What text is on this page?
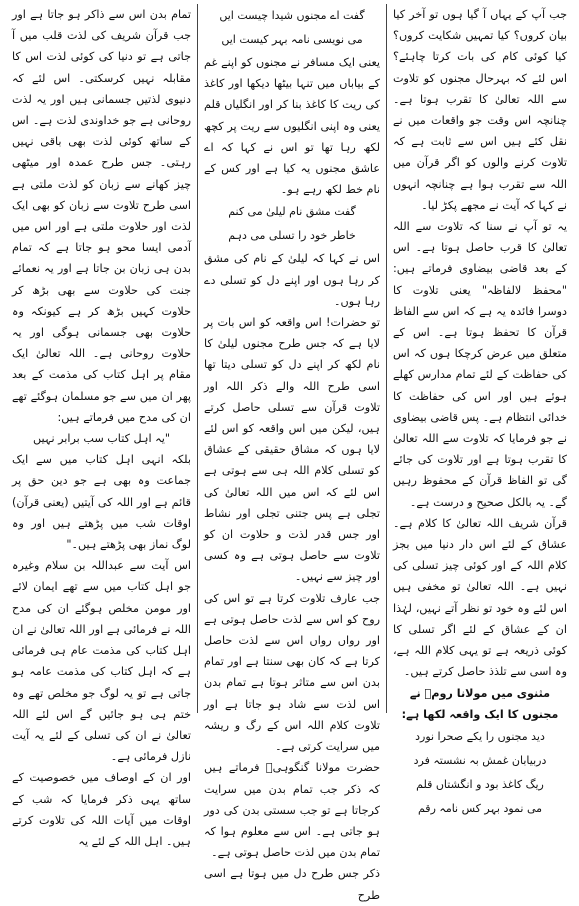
جب آپ کے یہاں آ گیا ہوں تو آخر کیا بیان کروں؟ کیا تمہیں شکایت کروں؟ کیا کوئی کام کی بات کرتا چاہئے؟ اس لئے کہ بہرحال مجنوں کو تلاوت سے اللہ تعالیٰ کا تقرب ہوتا ہے۔ چنانچہ اس وقت جو واقعات میں نے نقل کئے ہیں اس سے ثابت ہے کہ تلاوت کرنے والوں کو اگر قرآن میں اللہ سے تقرب ہوا ہے چنانچہ انہوں نے کہا کہ آیت نے مجھے پکڑ لیا۔

یہ تو آپ نے سنا کہ تلاوت سے اللہ تعالیٰ کا قرب حاصل ہوتا ہے۔ اس کے بعد قاضی بیضاوی فرماتے ہیں: "محفظ لالفاظہ" یعنی تلاوت کا دوسرا فائدہ یہ ہے کہ اس سے الفاظ قرآن کا تحفظ ہوتا ہے۔ اس کے متعلق میں عرض کرچکا ہوں کہ اس کی حفاظت کے لئے تمام مدارس کھلے ہوئے ہیں اور اس کی حفاظت کا خدائی انتظام ہے۔ پس قاضی بیضاوی نے جو فرمایا کہ تلاوت سے اللہ تعالیٰ کا تقرب ہوتا ہے اور تلاوت کی جائے گی تو الفاظ قرآن کے محفوظ رہیں گے۔ یہ بالکل صحیح و درست ہے۔

قرآن شریف اللہ تعالیٰ کا کلام ہے۔ عشاق کے لئے اس دار دنیا میں بجز کلام اللہ کے اور کوئی چیز تسلی کی نہیں ہے۔ اللہ تعالیٰ تو مخفی ہیں اس لئے وہ خود تو نظر آتے نہیں، لہٰذا ان کے عشاق کے لئے اگر تسلی کا کوئی ذریعہ ہے تو یہی کلام اللہ ہے، وہ اسی سے تلذذ حاصل کرتے ہیں۔

مثنوی میں مولانا رومؒ نے مجنوں کا ایک واقعہ لکھا ہے:

دید مجنوں را یکے صحرا نورد

دربیابان غمش بہ نشستہ فرد

ریگ کاغذ بود و انگشتاں قلم

می نمود بہر کس نامہ رقم

گفت اے مجنوں شیدا چیست ایں

می نویسی نامہ بہر کیست ایں

یعنی ایک مسافر نے مجنوں کو اپنے غم کے بیاباں میں تنہا بیٹھا دیکھا اور کاغذ کی ریت کا کاغذ بنا کر اور انگلیاں قلم یعنی وہ اپنی انگلیوں سے ریت پر کچھ لکھ رہا تھا تو اس نے کہا کہ اے عاشق مجنوں یہ کیا ہے اور کس کے نام خط لکھ رہے ہو۔

گفت مشق نام لیلیٰ می کنم

خاطر خود را تسلی می دہم

اس نے کہا کہ لیلیٰ کے نام کی مشق کر رہا ہوں اور اپنے دل کو تسلی دے رہا ہوں۔

تو حضرات! اس واقعہ کو اس بات پر لایا ہے کہ جس طرح مجنوں لیلیٰ کا نام لکھ کر اپنے دل کو تسلی دیتا تھا اسی طرح اللہ والے ذکر اللہ اور تلاوت قرآن سے تسلی حاصل کرتے ہیں، لیکن میں اس واقعہ کو اس لئے لایا ہوں کہ مشاق حقیقی کے عشاق کو تسلی کلام اللہ ہی سے ہوتی ہے اس لئے کہ اس میں اللہ تعالیٰ کی تجلی ہے پس جتنی تجلی اور نشاط اور جس قدر لذت و حلاوت ان کو تلاوت سے حاصل ہوتی ہے وہ کسی اور چیز سے نہیں۔

جب عارف تلاوت کرتا ہے تو اس کی روح کو اس سے لذت حاصل ہوتی ہے اور رواں رواں اس سے لذت حاصل کرتا ہے کہ کان بھی سنتا ہے اور تمام بدن اس سے متاثر ہوتا ہے تمام بدن اس لذت سے شاد ہو جاتا ہے اور تلاوت کلام اللہ اس کے رگ و ریشہ میں سرایت کرتی ہے۔

حضرت مولانا گنگوہیؒ فرماتے ہیں کہ ذکر جب تمام بدن میں سرایت کرجاتا ہے تو جب سستی بدن کی دور ہو جاتی ہے۔ اس سے معلوم ہوا کہ تمام بدن میں لذت حاصل ہوتی ہے۔

ذکر جس طرح دل میں ہوتا ہے اسی طرح

تمام بدن اس سے ذاکر ہو جاتا ہے اور جب قرآن شریف کی لذت قلب میں آ جاتی ہے تو دنیا کی کوئی لذت اس کا مقابلہ نہیں کرسکتی۔ اس لئے کہ دنیوی لذتیں جسمانی ہیں اور یہ لذت روحانی ہے جو خداوندی لذت ہے۔ اس کے ساتھ کوئی لذت بھی باقی نہیں رہتی۔ جس طرح عمدہ اور میٹھی چیز کھانے سے زبان کو لذت ملتی ہے اسی طرح تلاوت سے زبان کو بھی ایک لذت اور حلاوت ملتی ہے اور اس میں آدمی ایسا محو ہو جاتا ہے کہ تمام بدن ہی زبان بن جاتا ہے اور یہ نعمائے جنت کی حلاوت سے بھی بڑھ کر حلاوت کہیں بڑھ کر ہے کیونکہ وہ حلاوت بھی جسمانی ہوگی اور یہ حلاوت روحانی ہے۔ اللہ تعالیٰ ایک مقام پر اہل کتاب کی مذمت کے بعد پھر ان میں سے جو مسلمان ہوگئے تھے ان کی مدح میں فرماتے ہیں:

"یہ اہل کتاب سب برابر نہیں

بلکہ انہی اہل کتاب میں سے ایک جماعت وہ بھی ہے جو دین حق پر قائم ہے اور اللہ کی آیتیں (یعنی قرآن) اوقات شب میں پڑھتے ہیں اور وہ لوگ نماز بھی پڑھتے ہیں۔"

اس آیت سے عبداللہ بن سلام وغیرہ جو اہل کتاب میں سے تھے ایمان لائے اور مومن مخلص ہوگئے ان کی مدح اللہ نے فرمائی ہے اور اللہ تعالیٰ نے ان اہل کتاب کی مذمت عام ہی فرمائی ہے کہ اہل کتاب کی مذمت عامہ ہو جاتی ہے تو یہ لوگ جو مخلص تھے وہ ختم ہی ہو جائیں گے اس لئے اللہ تعالیٰ نے ان کی تسلی کے لئے یہ آیت نازل فرمائی ہے۔

اور ان کے اوصاف میں خصوصیت کے ساتھ یہی ذکر فرمایا کہ شب کے اوقات میں آیات اللہ کی تلاوت کرتے ہیں۔ اہل اللہ کے لئے یہ
